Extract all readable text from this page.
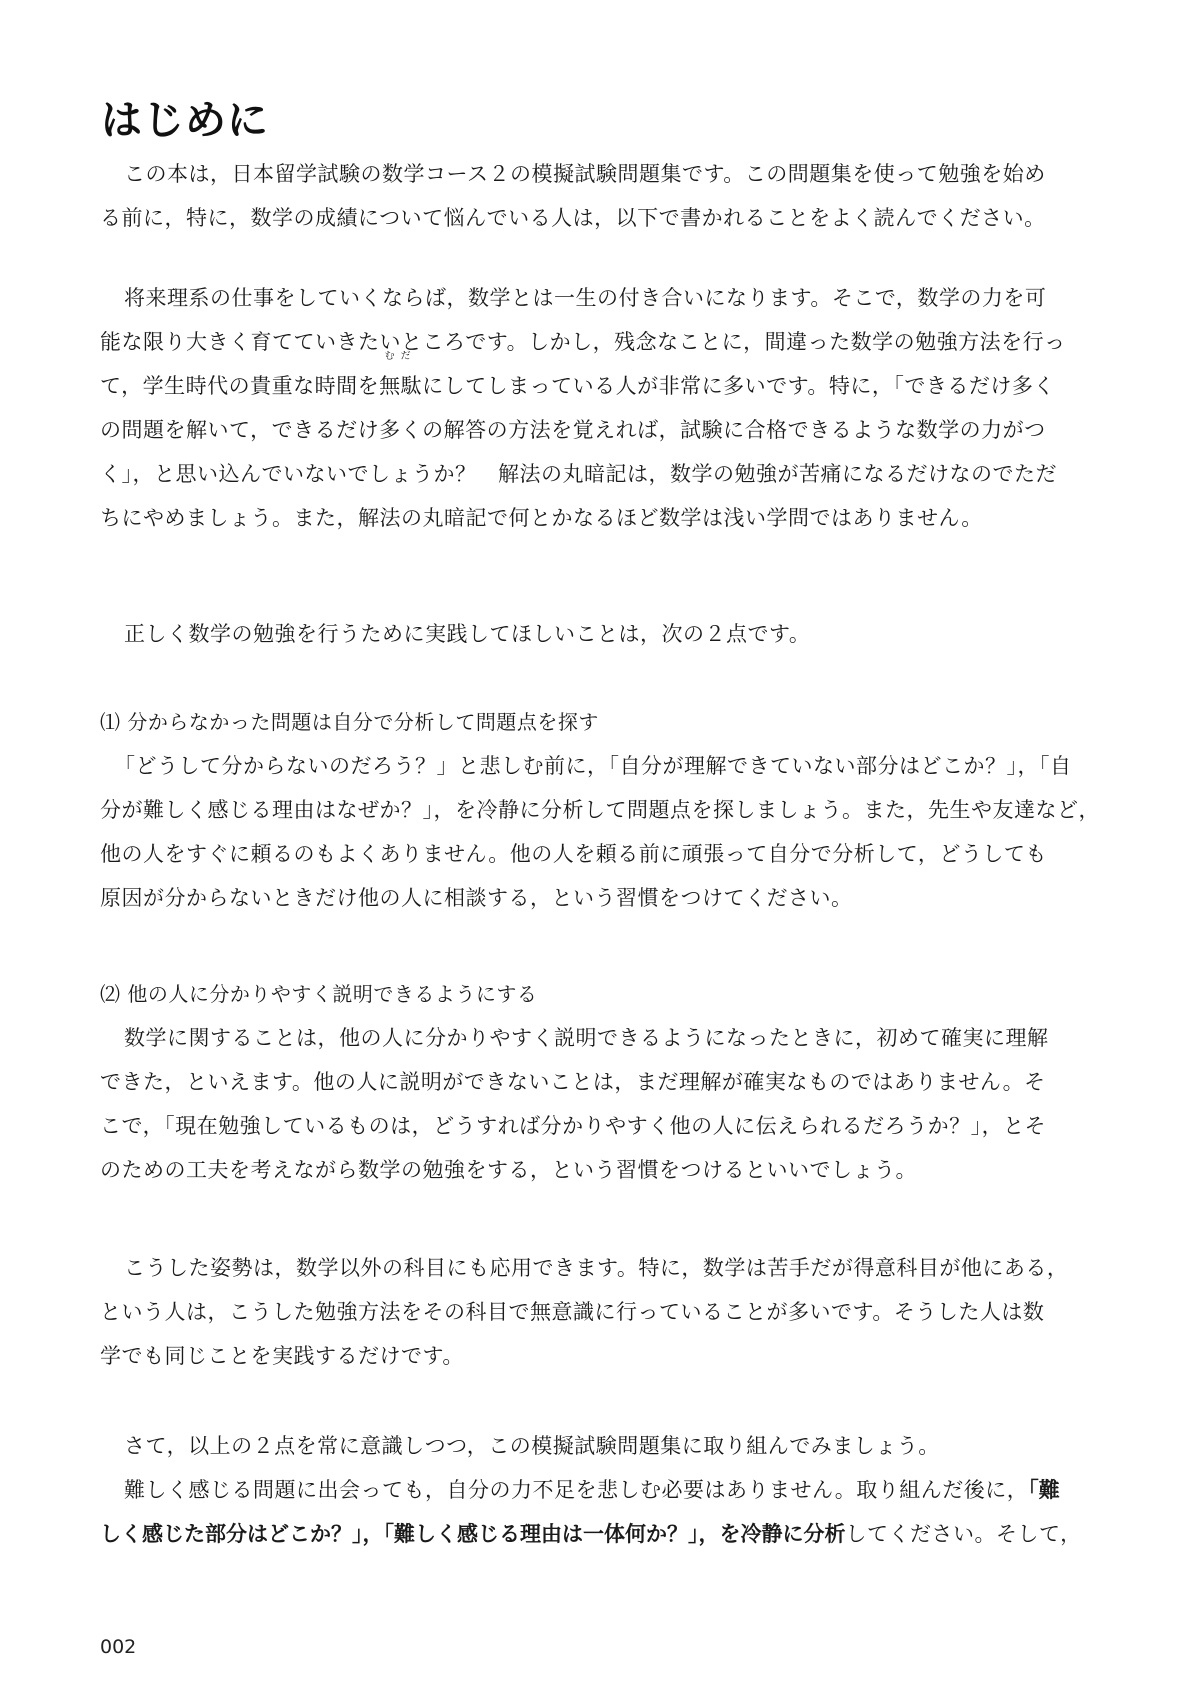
はじめに
この本は，日本留学試験の数学コース２の模擬試験問題集です。この問題集を使って勉強を始め
る前に，特に，数学の成績について悩んでいる人は，以下で書かれることをよく読んでください。
将来理系の仕事をしていくならば，数学とは一生の付き合いになります。そこで，数学の力を可
能な限り大きく育てていきたいところです。しかし，残念なことに，間違った数学の勉強方法を行っ
て，学生時代の貴重な時間を
むだ
無駄にしてしまっている人が非常に多いです。特に，「できるだけ多く
の問題を解いて，できるだけ多くの解答の方法を覚えれば，試験に合格できるような数学の力がつ
く」，と思い込んでいないでしょうか？　解法の丸暗記は，数学の勉強が苦痛になるだけなのでただ
ちにやめましょう。また，解法の丸暗記で何とかなるほど数学は浅い学問ではありません。
正しく数学の勉強を行うために実践してほしいことは，次の２点です。
⑴ 分からなかった問題は自分で分析して問題点を探す
「どうして分からないのだろう？」と悲しむ前に，「自分が理解できていない部分はどこか？」，「自
分が難しく感じる理由はなぜか？」，を冷静に分析して問題点を探しましょう。また，先生や友達など，
他の人をすぐに頼るのもよくありません。他の人を頼る前に頑張って自分で分析して，どうしても
原因が分からないときだけ他の人に相談する，という習慣をつけてください。
⑵ 他の人に分かりやすく説明できるようにする
数学に関することは，他の人に分かりやすく説明できるようになったときに，初めて確実に理解
できた，といえます。他の人に説明ができないことは，まだ理解が確実なものではありません。そ
こで，「現在勉強しているものは，どうすれば分かりやすく他の人に伝えられるだろうか？」，とそ
のための工夫を考えながら数学の勉強をする，という習慣をつけるといいでしょう。
こうした姿勢は，数学以外の科目にも応用できます。特に，数学は苦手だが得意科目が他にある，
という人は，こうした勉強方法をその科目で無意識に行っていることが多いです。そうした人は数
学でも同じことを実践するだけです。
さて，以上の２点を常に意識しつつ，この模擬試験問題集に取り組んでみましょう。
難しく感じる問題に出会っても，自分の力不足を悲しむ必要はありません。取り組んだ後に，「難
しく感じた部分はどこか？」，「難しく感じる理由は一体何か？」，を冷静に分析してください。そして，
002
